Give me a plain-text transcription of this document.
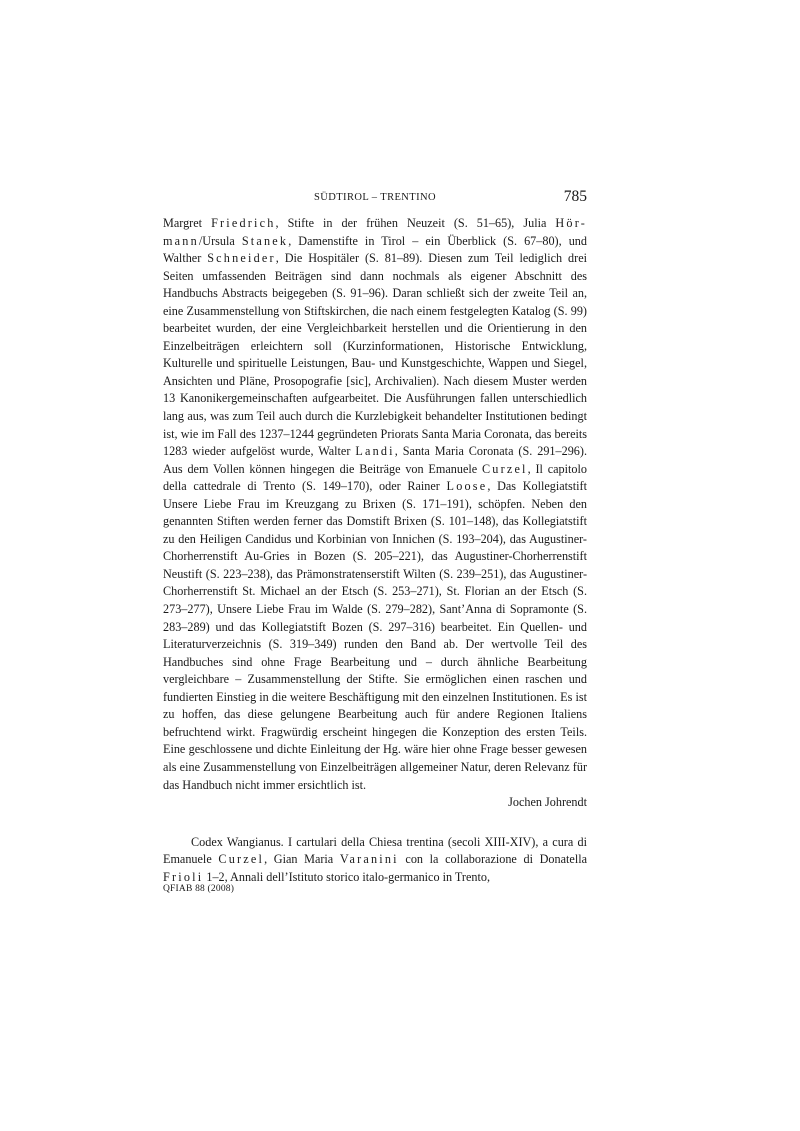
SÜDTIROL – TRENTINO	785

Margret Friedrich, Stifte in der frühen Neuzeit (S. 51–65), Julia Hör-mann/Ursula Stanek, Damenstifte in Tirol – ein Überblick (S. 67–80), und Walther Schneider, Die Hospitäler (S. 81–89). Diesen zum Teil lediglich drei Seiten umfassenden Beiträgen sind dann nochmals als eigener Abschnitt des Handbuchs Abstracts beigegeben (S. 91–96). Daran schließt sich der zweite Teil an, eine Zusammenstellung von Stiftskirchen, die nach einem festgelegten Katalog (S. 99) bearbeitet wurden, der eine Vergleichbarkeit herstellen und die Orientierung in den Einzelbeiträgen erleichtern soll (Kurzinformationen, Historische Entwicklung, Kulturelle und spirituelle Leistungen, Bau- und Kunstgeschichte, Wappen und Siegel, Ansichten und Pläne, Prosopografie [sic], Archivalien). Nach diesem Muster werden 13 Kanonikergemeinschaften aufgearbeitet. Die Ausführungen fallen unterschiedlich lang aus, was zum Teil auch durch die Kurzlebigkeit behandelter Institutionen bedingt ist, wie im Fall des 1237–1244 gegründeten Priorats Santa Maria Coronata, das bereits 1283 wieder aufgelöst wurde, Walter Landi, Santa Maria Coronata (S. 291–296). Aus dem Vollen können hingegen die Beiträge von Emanuele Curzel, Il capitolo della cattedrale di Trento (S. 149–170), oder Rainer Loose, Das Kollegiatstift Unsere Liebe Frau im Kreuzgang zu Brixen (S. 171–191), schöpfen. Neben den genannten Stiften werden ferner das Domstift Brixen (S. 101–148), das Kollegiatstift zu den Heiligen Candidus und Korbinian von Innichen (S. 193–204), das Augustiner-Chorherrenstift Au-Gries in Bozen (S. 205–221), das Augustiner-Chorherrenstift Neustift (S. 223–238), das Prämonstratenserstift Wilten (S. 239–251), das Augustiner-Chorherrenstift St. Michael an der Etsch (S. 253–271), St. Florian an der Etsch (S. 273–277), Unsere Liebe Frau im Walde (S. 279–282), Sant’Anna di Sopramonte (S. 283–289) und das Kollegiatstift Bozen (S. 297–316) bearbeitet. Ein Quellen- und Literaturverzeichnis (S. 319–349) runden den Band ab. Der wertvolle Teil des Handbuches sind ohne Frage Bearbeitung und – durch ähnliche Bearbeitung vergleichbare – Zusammenstellung der Stifte. Sie ermöglichen einen raschen und fundierten Einstieg in die weitere Beschäftigung mit den einzelnen Institutionen. Es ist zu hoffen, das diese gelungene Bearbeitung auch für andere Regionen Italiens befruchtend wirkt. Fragwürdig erscheint hingegen die Konzeption des ersten Teils. Eine geschlossene und dichte Einleitung der Hg. wäre hier ohne Frage besser gewesen als eine Zusammenstellung von Einzelbeiträgen allgemeiner Natur, deren Relevanz für das Handbuch nicht immer ersichtlich ist.

Jochen Johrendt

Codex Wangianus. I cartulari della Chiesa trentina (secoli XIII-XIV), a cura di Emanuele Curzel, Gian Maria Varanini con la collaborazione di Donatella Frioli 1–2, Annali dell’Istituto storico italo-germanico in Trento,

QFIAB 88 (2008)
